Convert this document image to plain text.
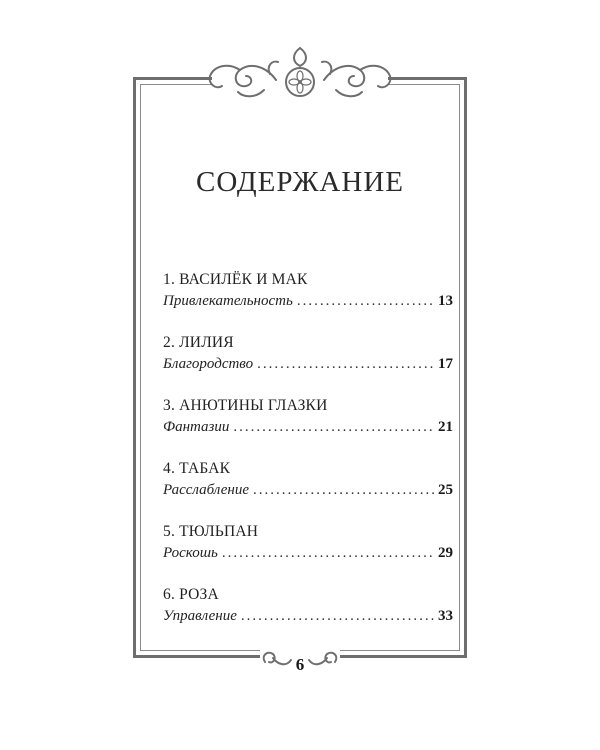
СОДЕРЖАНИЕ
1. ВАСИЛЁК И МАК
Привлекательность .....	13
2. ЛИЛИЯ
Благородство .....	17
3. АНЮТИНЫ ГЛАЗКИ
Фантазии .....	21
4. ТАБАК
Расслабление .....	25
5. ТЮЛЬПАН
Роскошь .....	29
6. РОЗА
Управление .....	33
6
